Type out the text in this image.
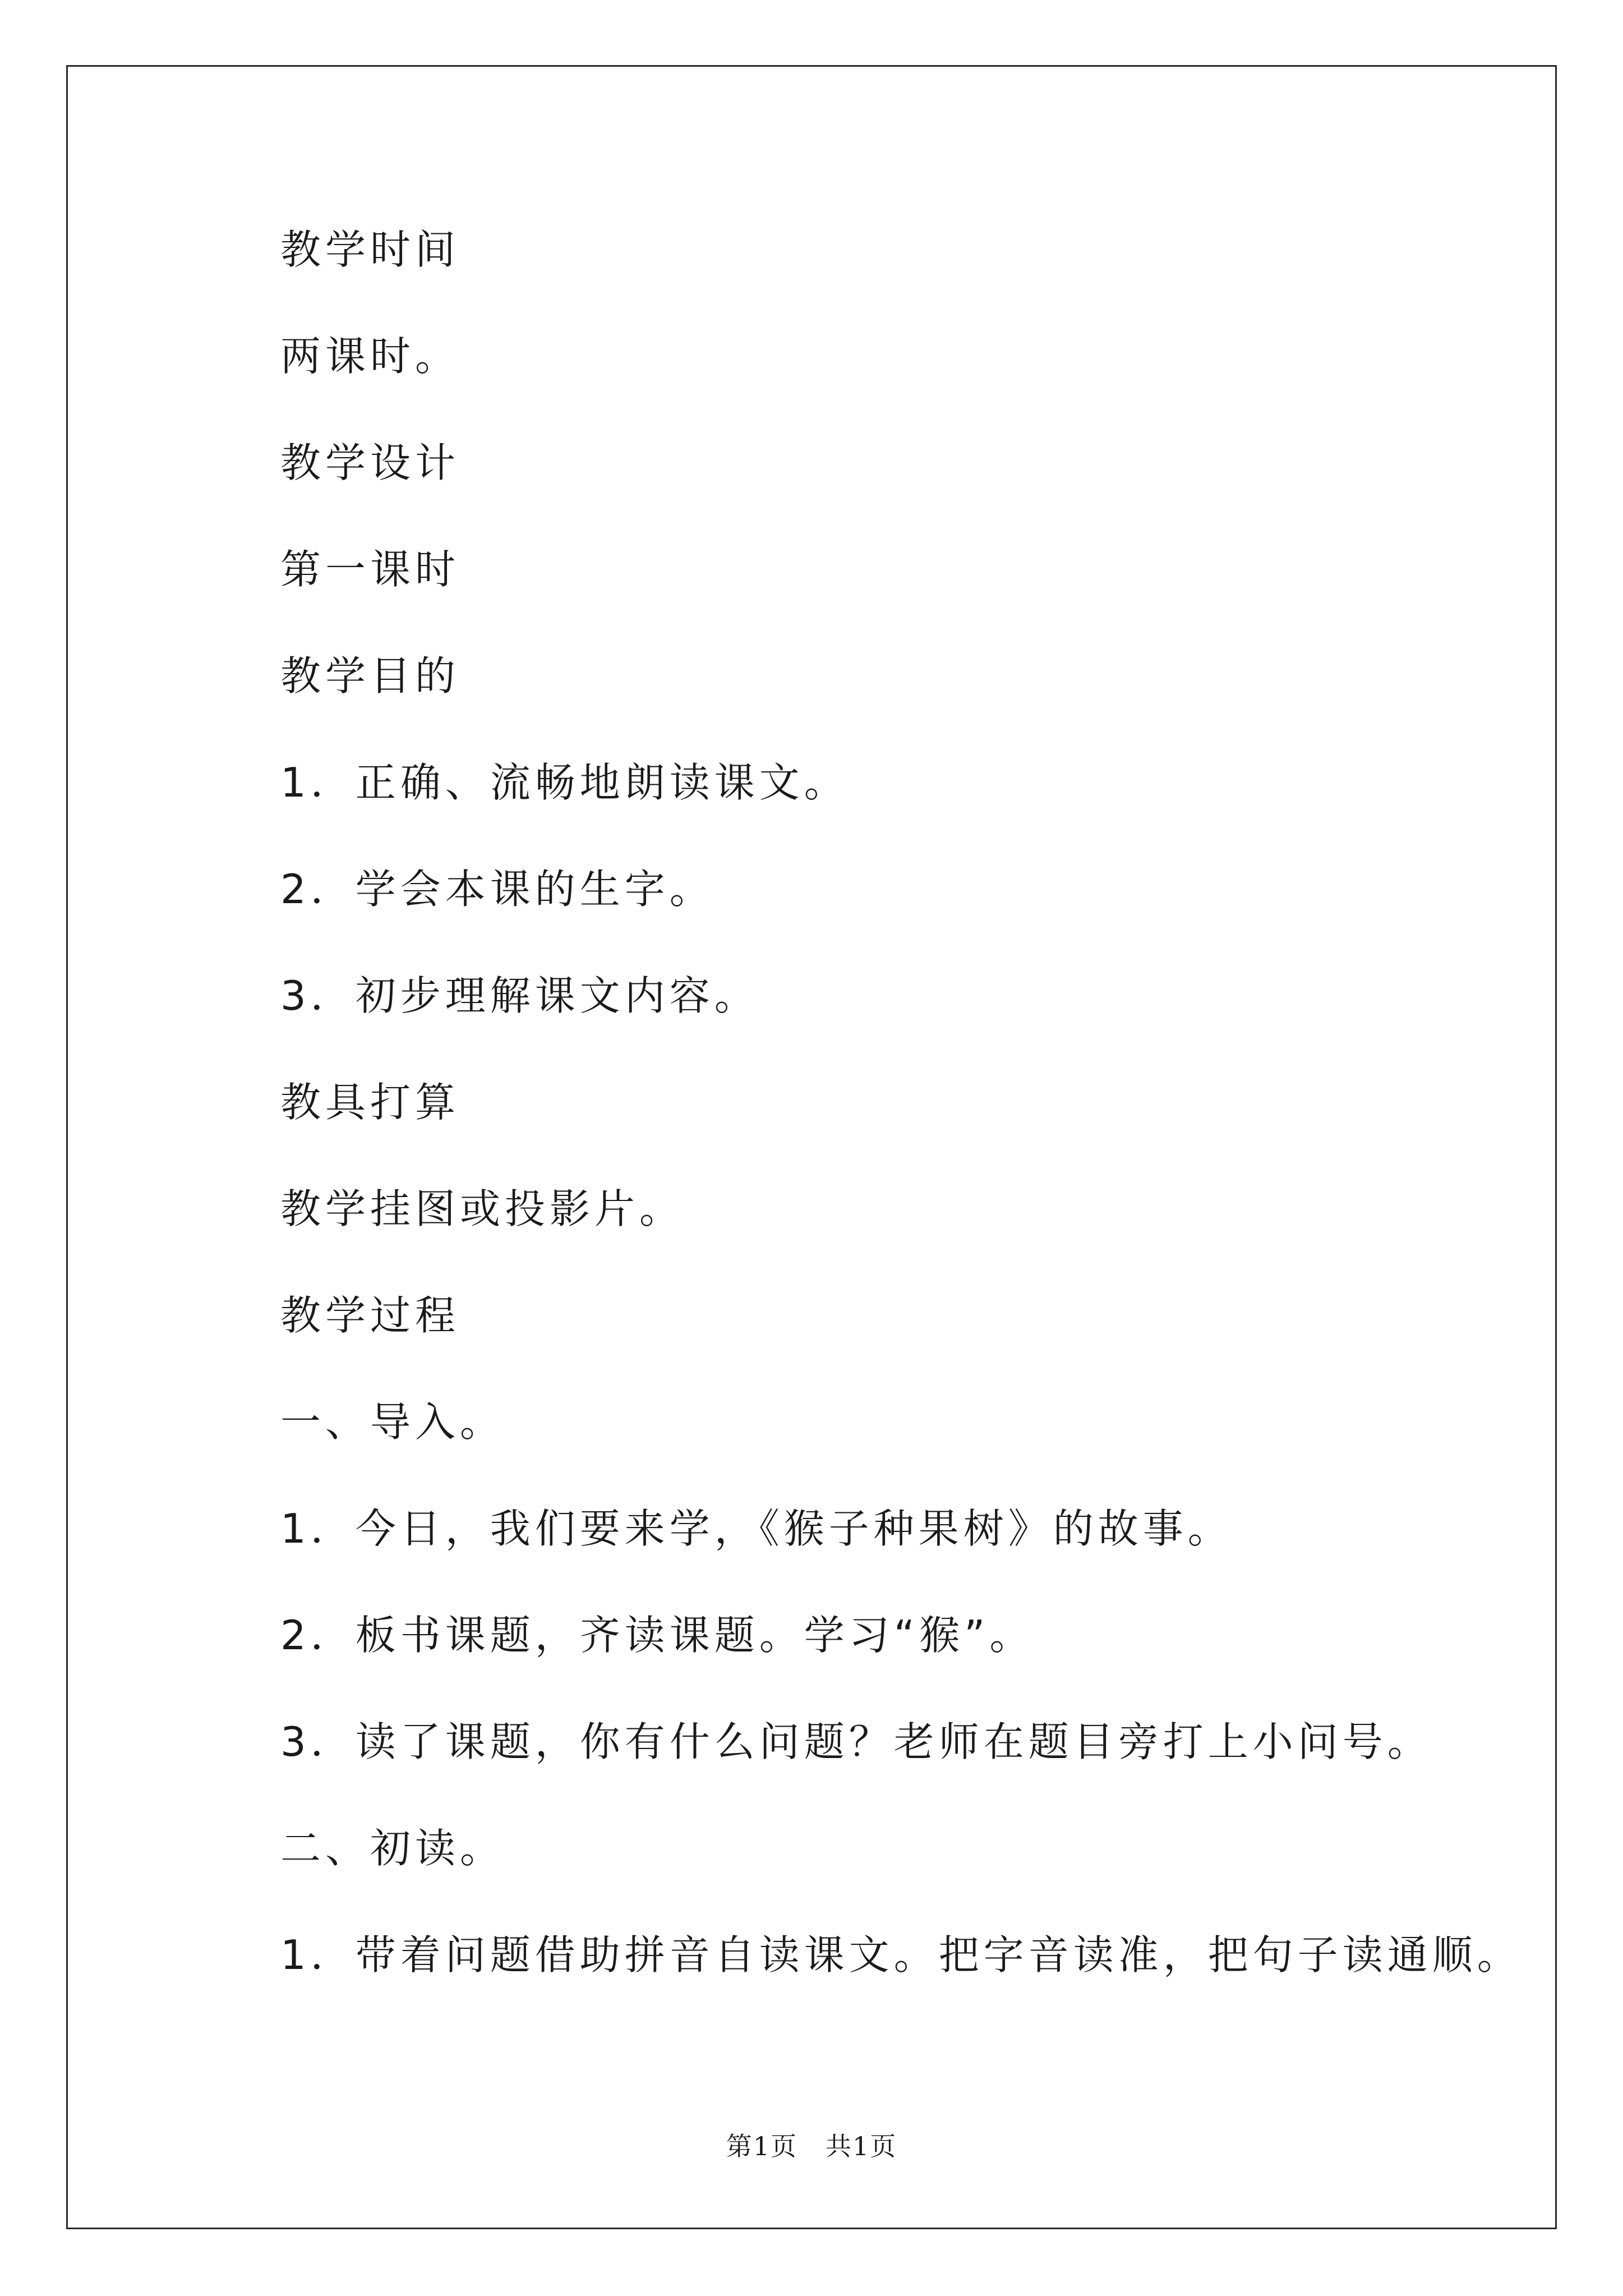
教学时间
两课时。
教学设计
第一课时
教学目的
1．正确、流畅地朗读课文。
2．学会本课的生字。
3．初步理解课文内容。
教具打算
教学挂图或投影片。
教学过程
一、导入。
1．今日，我们要来学，《猴子种果树》的故事。
2．板书课题，齐读课题。学习“猴”。
3．读了课题，你有什么问题？老师在题目旁打上小问号。
二、初读。
1．带着问题借助拼音自读课文。把字音读准，把句子读通顺。
第1页 共1页
